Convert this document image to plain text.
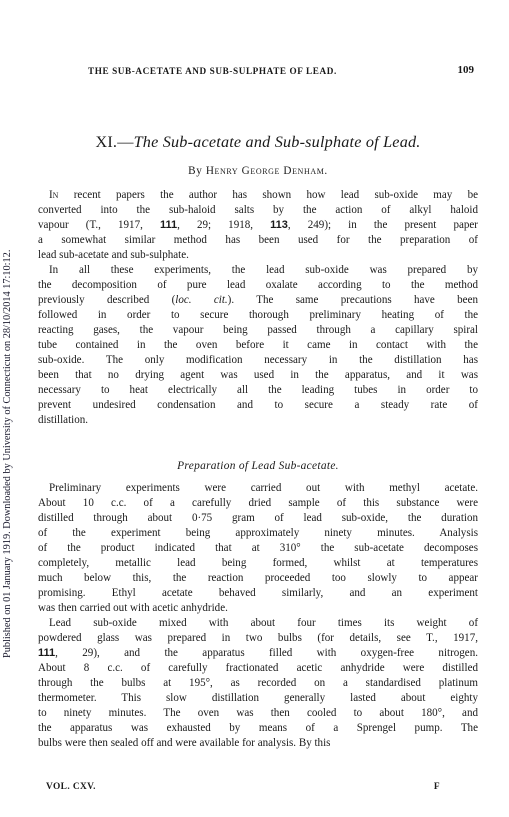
Published on 01 January 1919. Downloaded by University of Connecticut on 28/10/2014 17:10:12.
THE SUB-ACETATE AND SUB-SULPHATE OF LEAD.	109
XI.—The Sub-acetate and Sub-sulphate of Lead.
By Henry George Denham.
In recent papers the author has shown how lead sub-oxide may be
converted into the sub-haloid salts by the action of alkyl haloid
vapour (T., 1917, 111, 29; 1918, 113, 249); in the present paper
a somewhat similar method has been used for the preparation of
lead sub-acetate and sub-sulphate.
In all these experiments, the lead sub-oxide was prepared by
the decomposition of pure lead oxalate according to the method
previously described (loc. cit.). The same precautions have been
followed in order to secure thorough preliminary heating of the
reacting gases, the vapour being passed through a capillary spiral
tube contained in the oven before it came in contact with the
sub-oxide. The only modification necessary in the distillation has
been that no drying agent was used in the apparatus, and it was
necessary to heat electrically all the leading tubes in order to
prevent undesired condensation and to secure a steady rate of
distillation.
Preparation of Lead Sub-acetate.
Preliminary experiments were carried out with methyl acetate.
About 10 c.c. of a carefully dried sample of this substance were
distilled through about 0·75 gram of lead sub-oxide, the duration
of the experiment being approximately ninety minutes. Analysis
of the product indicated that at 310° the sub-acetate decomposes
completely, metallic lead being formed, whilst at temperatures
much below this, the reaction proceeded too slowly to appear
promising. Ethyl acetate behaved similarly, and an experiment
was then carried out with acetic anhydride.
Lead sub-oxide mixed with about four times its weight of
powdered glass was prepared in two bulbs (for details, see T., 1917,
111, 29), and the apparatus filled with oxygen-free nitrogen.
About 8 c.c. of carefully fractionated acetic anhydride were distilled
through the bulbs at 195°, as recorded on a standardised platinum
thermometer. This slow distillation generally lasted about eighty
to ninety minutes. The oven was then cooled to about 180°, and
the apparatus was exhausted by means of a Sprengel pump. The
bulbs were then sealed off and were available for analysis. By this
VOL. CXV.	F
